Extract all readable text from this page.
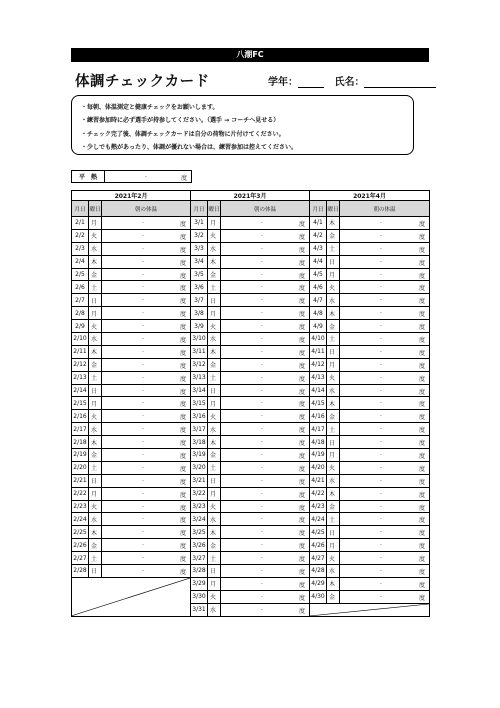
八潮FC
体調チェックカード	学年：	氏名：
・毎朝、体温測定と健康チェックをお願いします。
・練習参加時に必ず選手が持参してください。（選手 → コーチへ見せる）
・チェック完了後、体調チェックカードは自分の荷物に片付けてください。
・少しでも熱があったり、体調が優れない場合は、練習参加は控えてください。
平　熱	.	度
2021年2月		
月日	曜日	朝の体温
2/1	月	. 度

2/2	火	. 度

2/3	水	. 度

2/4	木	. 度

2/5	金	. 度

2/6	土	. 度

2/7	日	. 度

2/8	月	. 度

2/9	火	. 度

2/10	水	. 度

2/11	木	. 度

2/12	金	. 度

2/13	土	. 度

2/14	日	. 度

2/15	月	. 度

2/16	火	. 度

2/17	水	. 度

2/18	木	. 度

2/19	金	. 度

2/20	土	. 度

2/21	日	. 度

2/22	月	. 度

2/23	火	. 度

2/24	水	. 度

2/25	木	. 度

2/26	金	. 度

2/27	土	. 度

2/28	日	. 度

2021年3月		
月日	曜日	朝の体温
3/1	月	. 度

3/2	火	. 度

3/3	水	. 度

3/4	木	. 度

3/5	金	. 度

3/6	土	. 度

3/7	日	. 度

3/8	月	. 度

3/9	火	. 度

3/10	水	. 度

3/11	木	. 度

3/12	金	. 度

3/13	土	. 度

3/14	日	. 度

3/15	月	. 度

3/16	火	. 度

3/17	水	. 度

3/18	木	. 度

3/19	金	. 度

3/20	土	. 度

3/21	日	. 度

3/22	月	. 度

3/23	火	. 度

3/24	水	. 度

3/25	木	. 度

3/26	金	. 度

3/27	土	. 度

3/28	日	. 度

3/29	月	. 度

3/30	火	. 度

3/31	水	. 度
2021年4月		
月日	曜日	朝の体温
4/1	木	. 度

4/2	金	. 度

4/3	土	. 度

4/4	日	. 度

4/5	月	. 度

4/6	火	. 度

4/7	水	. 度

4/8	木	. 度

4/9	金	. 度

4/10	土	. 度

4/11	日	. 度

4/12	月	. 度

4/13	火	. 度

4/14	水	. 度

4/15	木	. 度

4/16	金	. 度

4/17	土	. 度

4/18	日	. 度

4/19	月	. 度

4/20	火	. 度

4/21	水	. 度

4/22	木	. 度

4/23	金	. 度

4/24	土	. 度

4/25	日	. 度

4/26	月	. 度

4/27	火	. 度

4/28	水	. 度

4/29	木	. 度

4/30	金	. 度
